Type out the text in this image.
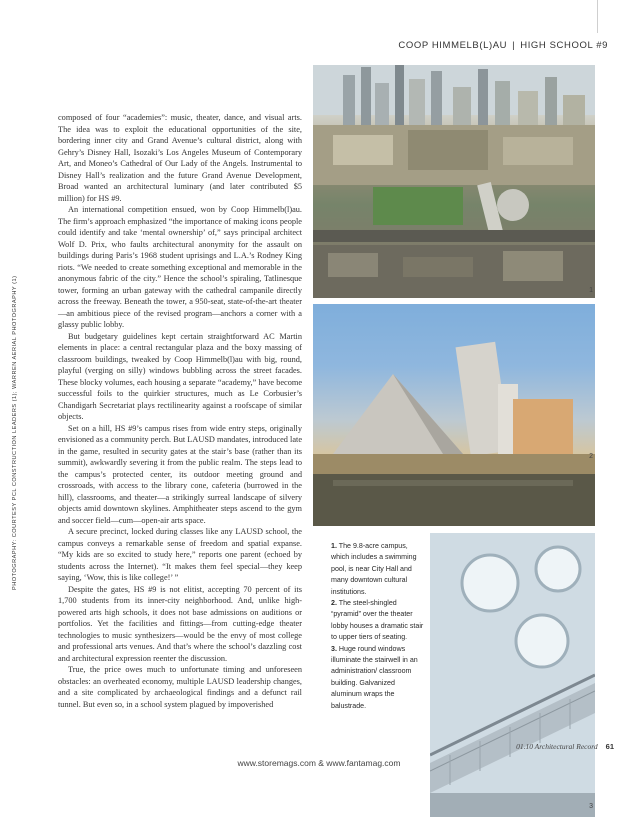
COOP HIMMELB(L)AU | HIGH SCHOOL #9
PHOTOGRAPHY: COURTESY PCL CONSTRUCTION LEADERS (1); WARREN AERIAL PHOTOGRAPHY (1)

composed of four “academies”: music, theater, dance, and visual arts. The idea was to exploit the educational opportunities of the site, bordering inner city and Grand Avenue’s cultural district, along with Gehry’s Disney Hall, Isozaki’s Los Angeles Museum of Contemporary Art, and Moneo’s Cathedral of Our Lady of the Angels. Instrumental to Disney Hall’s realization and the future Grand Avenue Development, Broad wanted an architectural luminary (and later contributed $5 million) for HS #9.

An international competition ensued, won by Coop Himmelb(l)au. The firm’s approach emphasized “the importance of making icons people could identify and take ‘mental ownership’ of,” says principal architect Wolf D. Prix, who faults architectural anonymity for the assault on buildings during Paris’s 1968 student uprisings and L.A.’s Rodney King riots. “We needed to create something exceptional and memorable in the anonymous fabric of the city.” Hence the school’s spiraling, Tatlinesque tower, forming an urban gateway with the cathedral campanile directly across the freeway. Beneath the tower, a 950-seat, state-of-the-art theater—an ambitious piece of the revised program—anchors a corner with a glassy public lobby.

But budgetary guidelines kept certain straightforward AC Martin elements in place: a central rectangular plaza and the boxy massing of classroom buildings, tweaked by Coop Himmelb(l)au with big, round, playful (verging on silly) windows bubbling across the street facades. These blocky volumes, each housing a separate “academy,” have become successful foils to the quirkier structures, much as Le Corbusier’s Chandigarh Secretariat plays rectilinearity against a roofscape of similar objects.

Set on a hill, HS #9’s campus rises from wide entry steps, originally envisioned as a community perch. But LAUSD mandates, introduced late in the game, resulted in security gates at the stair’s base (rather than its summit), awkwardly severing it from the public realm. The steps lead to the campus’s protected center, its outdoor meeting ground and crossroads, with access to the library cone, cafeteria (burrowed in the hill), classrooms, and theater—a strikingly surreal landscape of silvery objects amid downtown skylines. Amphitheater steps ascend to the gym and soccer field—cum—open-air arts space.

A secure precinct, locked during classes like any LAUSD school, the campus conveys a remarkable sense of freedom and spatial expanse. “My kids are so excited to study here,” reports one parent (echoed by students across the Internet). “It makes them feel special—they keep saying, ‘Wow, this is like college!’ ”

Despite the gates, HS #9 is not elitist, accepting 70 percent of its 1,700 students from its inner-city neighborhood. And, unlike high-powered arts high schools, it does not base admissions on auditions or portfolios. Yet the facilities and fittings—from cutting-edge theater technologies to music synthesizers—would be the envy of most college and professional arts venues. And that’s where the school’s dazzling cost and architectural expression reenter the discussion.

True, the price owes much to unfortunate timing and unforeseen obstacles: an overheated economy, multiple LAUSD leadership changes, and a site complicated by archaeological findings and a defunct rail tunnel. But even so, in a school system plagued by impoverished

1
2
3

1. The 9.8-acre campus, which includes a swimming pool, is near City Hall and many downtown cultural institutions.

2. The steel-shingled “pyramid” over the theater lobby houses a dramatic stair to upper tiers of seating.

3. Huge round windows illuminate the stairwell in an administration/ classroom building. Galvanized aluminum wraps the balustrade.

01.10 Architectural Record 61
www.storemags.com & www.fantamag.com
